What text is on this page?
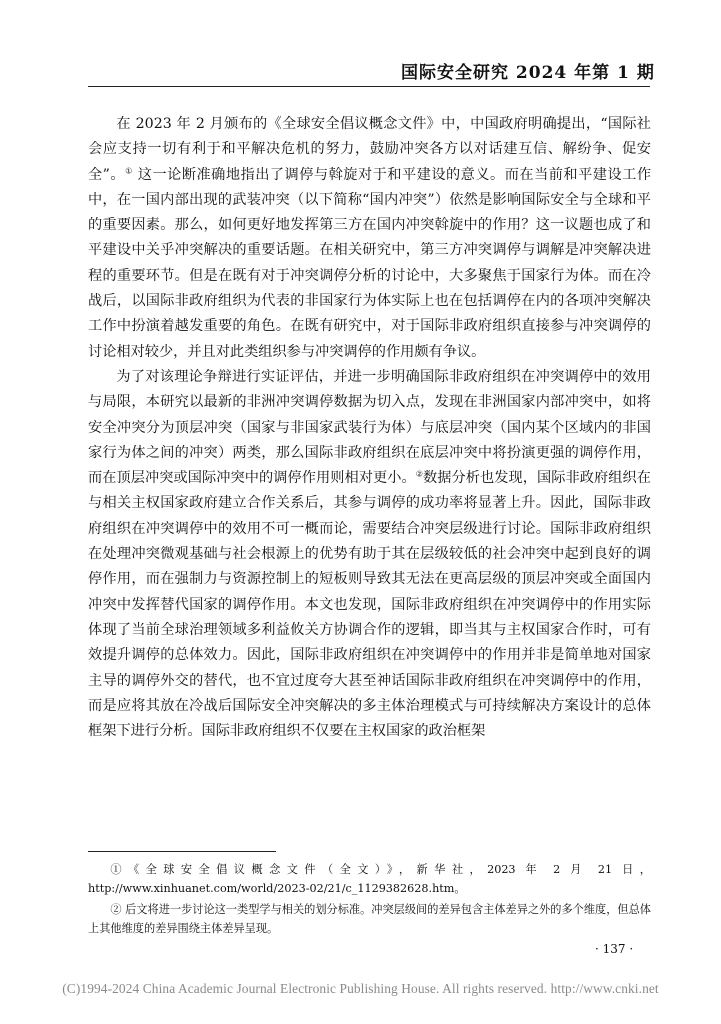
国际安全研究 2024 年第 1 期

在 2023 年 2 月颁布的《全球安全倡议概念文件》中，中国政府明确提出，“国际社会应支持一切有利于和平解决危机的努力，鼓励冲突各方以对话建互信、解纷争、促安全”。① 这一论断准确地指出了调停与斡旋对于和平建设的意义。而在当前和平建设工作中，在一国内部出现的武装冲突（以下简称“国内冲突”）依然是影响国际安全与全球和平的重要因素。那么，如何更好地发挥第三方在国内冲突斡旋中的作用？这一议题也成了和平建设中关乎冲突解决的重要话题。在相关研究中，第三方冲突调停与调解是冲突解决进程的重要环节。但是在既有对于冲突调停分析的讨论中，大多聚焦于国家行为体。而在冷战后，以国际非政府组织为代表的非国家行为体实际上也在包括调停在内的各项冲突解决工作中扮演着越发重要的角色。在既有研究中，对于国际非政府组织直接参与冲突调停的讨论相对较少，并且对此类组织参与冲突调停的作用颇有争议。

为了对该理论争辩进行实证评估，并进一步明确国际非政府组织在冲突调停中的效用与局限，本研究以最新的非洲冲突调停数据为切入点，发现在非洲国家内部冲突中，如将安全冲突分为顶层冲突（国家与非国家武装行为体）与底层冲突（国内某个区域内的非国家行为体之间的冲突）两类，那么国际非政府组织在底层冲突中将扮演更强的调停作用，而在顶层冲突或国际冲突中的调停作用则相对更小。②数据分析也发现，国际非政府组织在与相关主权国家政府建立合作关系后，其参与调停的成功率将显著上升。因此，国际非政府组织在冲突调停中的效用不可一概而论，需要结合冲突层级进行讨论。国际非政府组织在处理冲突微观基础与社会根源上的优势有助于其在层级较低的社会冲突中起到良好的调停作用，而在强制力与资源控制上的短板则导致其无法在更高层级的顶层冲突或全面国内冲突中发挥替代国家的调停作用。本文也发现，国际非政府组织在冲突调停中的作用实际体现了当前全球治理领域多利益攸关方协调合作的逻辑，即当其与主权国家合作时，可有效提升调停的总体效力。因此，国际非政府组织在冲突调停中的作用并非是简单地对国家主导的调停外交的替代，也不宜过度夸大甚至神话国际非政府组织在冲突调停中的作用，而是应将其放在冷战后国际安全冲突解决的多主体治理模式与可持续解决方案设计的总体框架下进行分析。国际非政府组织不仅要在主权国家的政治框架

①《全球安全倡议概念文件（全文）》，新华社，2023 年 2 月 21 日，http://www.xinhuanet.com/world/2023-02/21/c_1129382628.htm。

② 后文将进一步讨论这一类型学与相关的划分标准。冲突层级间的差异包含主体差异之外的多个维度，但总体上其他维度的差异围绕主体差异呈现。

· 137 ·
(C)1994-2024 China Academic Journal Electronic Publishing House. All rights reserved. http://www.cnki.net
